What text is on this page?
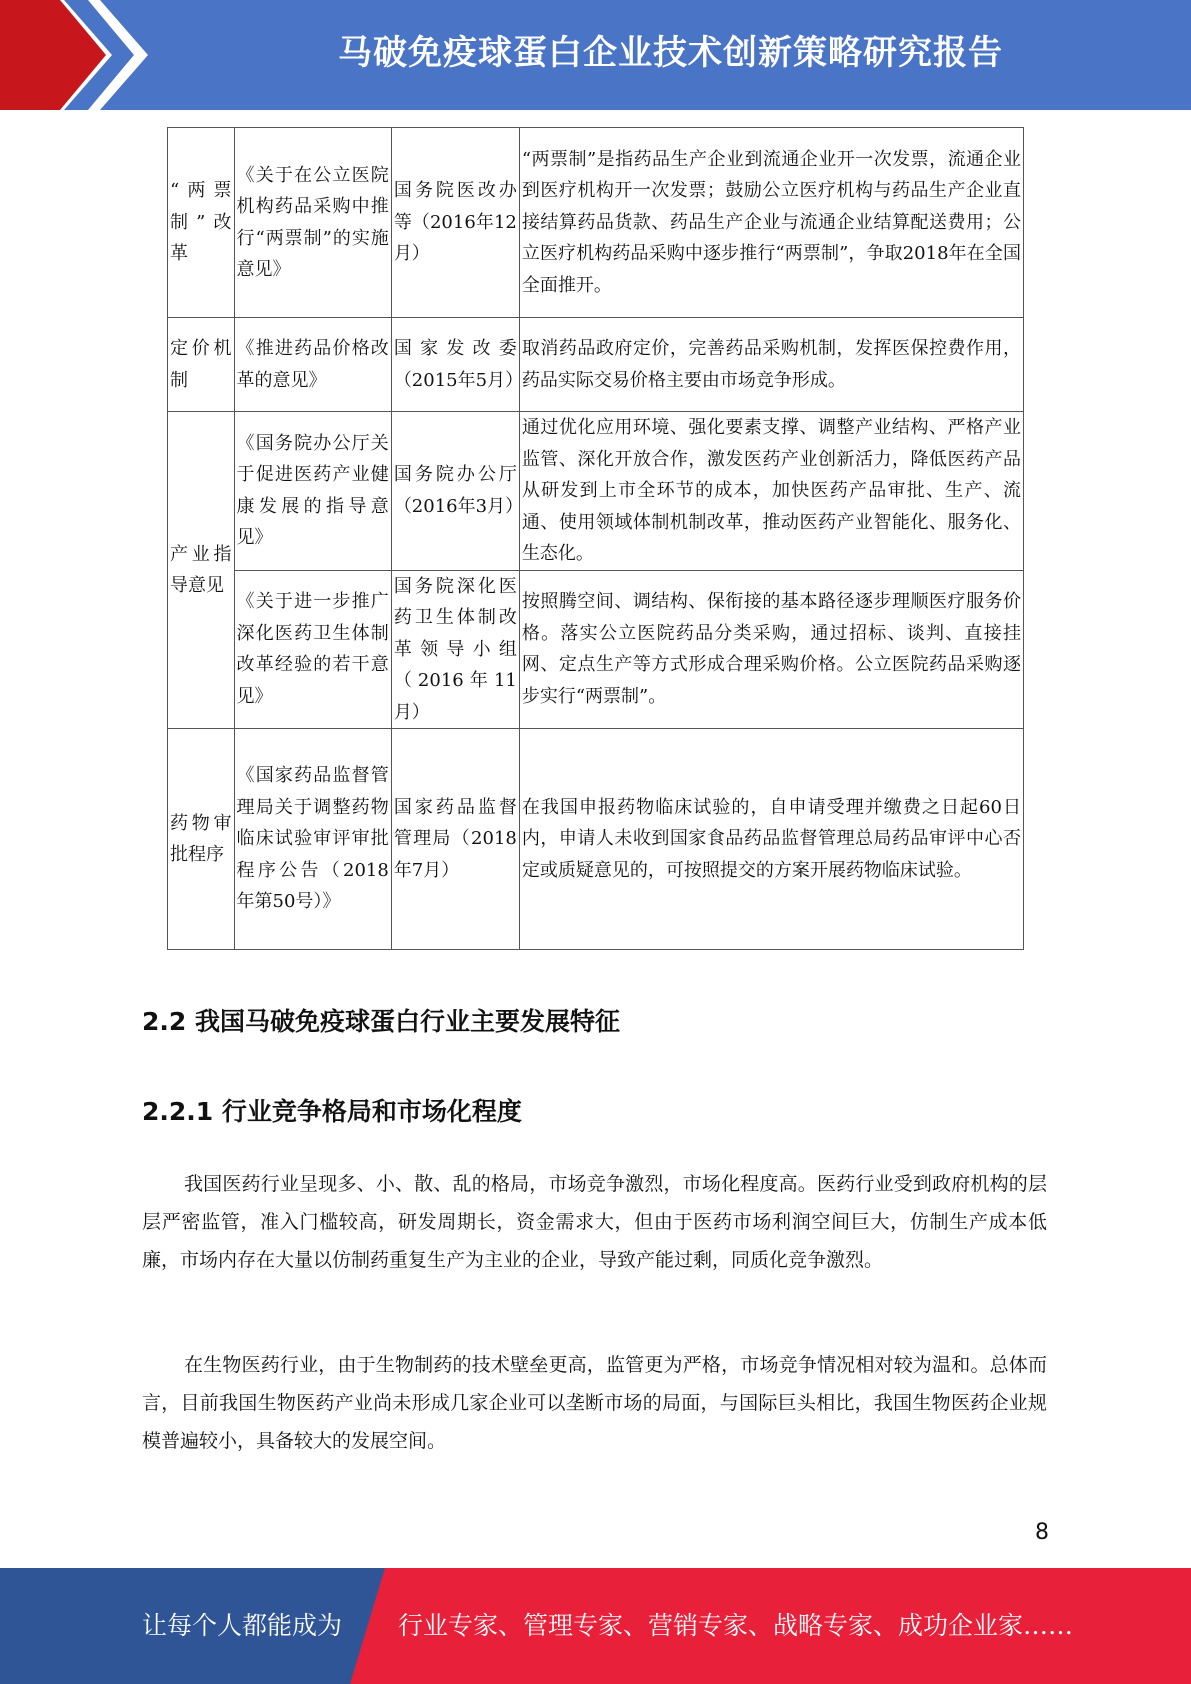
马破免疫球蛋白企业技术创新策略研究报告
“两票制”改革	《关于在公立医院机构药品采购中推行“两票制”的实施意见》	国务院医改办等（2016年12月）	“两票制”是指药品生产企业到流通企业开一次发票，流通企业到医疗机构开一次发票；鼓励公立医疗机构与药品生产企业直接结算药品货款、药品生产企业与流通企业结算配送费用；公立医疗机构药品采购中逐步推行“两票制”，争取2018年在全国全面推开。
定价机制	《推进药品价格改革的意见》	国家发改委（2015年5月）	取消药品政府定价，完善药品采购机制，发挥医保控费作用，药品实际交易价格主要由市场竞争形成。
产业指导意见	《国务院办公厅关于促进医药产业健康发展的指导意见》	国务院办公厅（2016年3月）	通过优化应用环境、强化要素支撑、调整产业结构、严格产业监管、深化开放合作，激发医药产业创新活力，降低医药产品从研发到上市全环节的成本，加快医药产品审批、生产、流通、使用领域体制机制改革，推动医药产业智能化、服务化、生态化。
	《关于进一步推广深化医药卫生体制改革经验的若干意见》	国务院深化医药卫生体制改革领导小组（2016年11月）	按照腾空间、调结构、保衔接的基本路径逐步理顺医疗服务价格。落实公立医院药品分类采购，通过招标、谈判、直接挂网、定点生产等方式形成合理采购价格。公立医院药品采购逐步实行“两票制”。
药物审批程序	《国家药品监督管理局关于调整药物临床试验审评审批程序公告（2018年第50号）》	国家药品监督管理局（2018年7月）	在我国申报药物临床试验的，自申请受理并缴费之日起60日内，申请人未收到国家食品药品监督管理总局药品审评中心否定或质疑意见的，可按照提交的方案开展药物临床试验。
2.2 我国马破免疫球蛋白行业主要发展特征
2.2.1 行业竞争格局和市场化程度

我国医药行业呈现多、小、散、乱的格局，市场竞争激烈，市场化程度高。医药行业受到政府机构的层层严密监管，准入门槛较高，研发周期长，资金需求大，但由于医药市场利润空间巨大，仿制生产成本低廉，市场内存在大量以仿制药重复生产为主业的企业，导致产能过剩，同质化竞争激烈。

在生物医药行业，由于生物制药的技术壁垒更高，监管更为严格，市场竞争情况相对较为温和。总体而言，目前我国生物医药产业尚未形成几家企业可以垄断市场的局面，与国际巨头相比，我国生物医药企业规模普遍较小，具备较大的发展空间。

8
让每个人都能成为 行业专家、管理专家、营销专家、战略专家、成功企业家……
